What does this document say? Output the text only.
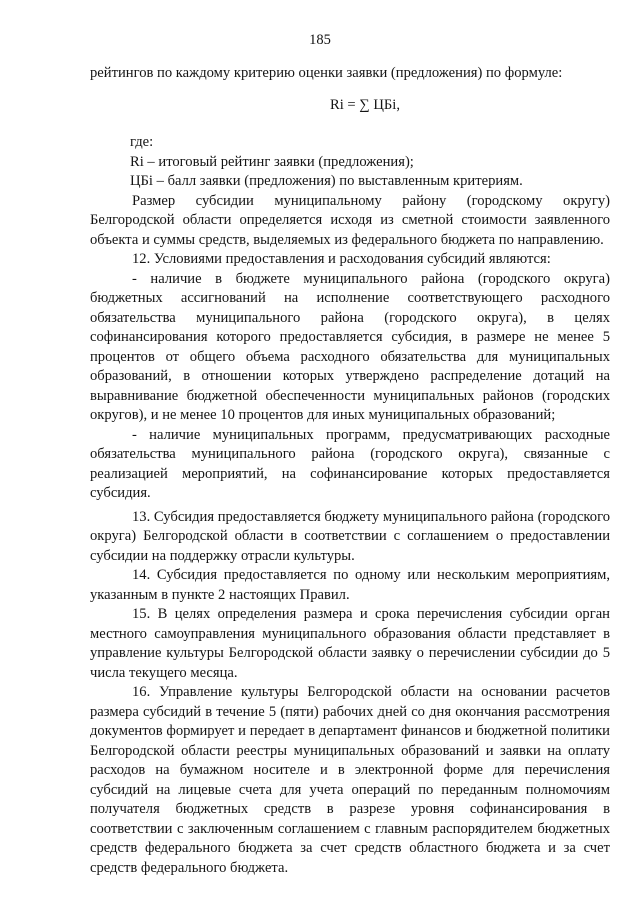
185

рейтингов по каждому критерию оценки заявки (предложения) по формуле:

Ri = ∑ ЦБi,

где:

Ri – итоговый рейтинг заявки (предложения);

ЦБi – балл заявки (предложения) по выставленным критериям.

Размер субсидии муниципальному району (городскому округу) Белгородской области определяется исходя из сметной стоимости заявленного объекта и суммы средств, выделяемых из федерального бюджета по направлению.

12. Условиями предоставления и расходования субсидий являются:

- наличие в бюджете муниципального района (городского округа) бюджетных ассигнований на исполнение соответствующего расходного обязательства муниципального района (городского округа), в целях софинансирования которого предоставляется субсидия, в размере не менее 5 процентов от общего объема расходного обязательства для муниципальных образований, в отношении которых утверждено распределение дотаций на выравнивание бюджетной обеспеченности муниципальных районов (городских округов), и не менее 10 процентов для иных муниципальных образований;

- наличие муниципальных программ, предусматривающих расходные обязательства муниципального района (городского округа), связанные с реализацией мероприятий, на софинансирование которых предоставляется субсидия.

13. Субсидия предоставляется бюджету муниципального района (городского округа) Белгородской области в соответствии с соглашением о предоставлении субсидии на поддержку отрасли культуры.

14. Субсидия предоставляется по одному или нескольким мероприятиям, указанным в пункте 2 настоящих Правил.

15. В целях определения размера и срока перечисления субсидии орган местного самоуправления муниципального образования области представляет в управление культуры Белгородской области заявку о перечислении субсидии до 5 числа текущего месяца.

16. Управление культуры Белгородской области на основании расчетов размера субсидий в течение 5 (пяти) рабочих дней со дня окончания рассмотрения документов формирует и передает в департамент финансов и бюджетной политики Белгородской области реестры муниципальных образований и заявки на оплату расходов на бумажном носителе и в электронной форме для перечисления субсидий на лицевые счета для учета операций по переданным полномочиям получателя бюджетных средств в разрезе уровня софинансирования в соответствии с заключенным соглашением с главным распорядителем бюджетных средств федерального бюджета за счет средств областного бюджета и за счет средств федерального бюджета.
